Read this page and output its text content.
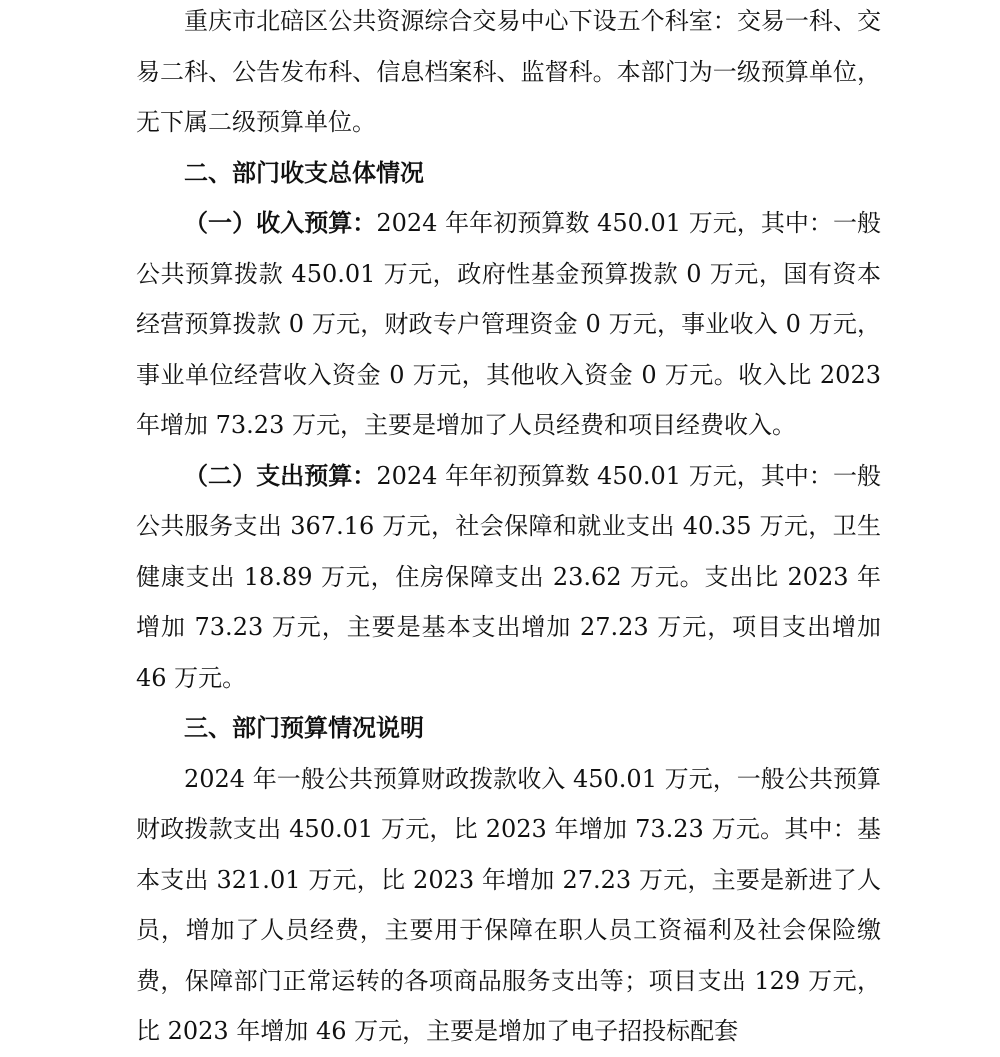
重庆市北碚区公共资源综合交易中心下设五个科室：交易一科、交易二科、公告发布科、信息档案科、监督科。本部门为一级预算单位，无下属二级预算单位。

二、部门收支总体情况

（一）收入预算：2024 年年初预算数 450.01 万元，其中：一般公共预算拨款 450.01 万元，政府性基金预算拨款 0 万元，国有资本经营预算拨款 0 万元，财政专户管理资金 0 万元，事业收入 0 万元，事业单位经营收入资金 0 万元，其他收入资金 0 万元。收入比 2023 年增加 73.23 万元，主要是增加了人员经费和项目经费收入。

（二）支出预算：2024 年年初预算数 450.01 万元，其中：一般公共服务支出 367.16 万元，社会保障和就业支出 40.35 万元，卫生健康支出 18.89 万元，住房保障支出 23.62 万元。支出比 2023 年增加 73.23 万元，主要是基本支出增加 27.23 万元，项目支出增加 46 万元。

三、部门预算情况说明

2024 年一般公共预算财政拨款收入 450.01 万元，一般公共预算财政拨款支出 450.01 万元，比 2023 年增加 73.23 万元。其中：基本支出 321.01 万元，比 2023 年增加 27.23 万元，主要是新进了人员，增加了人员经费，主要用于保障在职人员工资福利及社会保险缴费，保障部门正常运转的各项商品服务支出等；项目支出 129 万元，比 2023 年增加 46 万元，主要是增加了电子招投标配套
